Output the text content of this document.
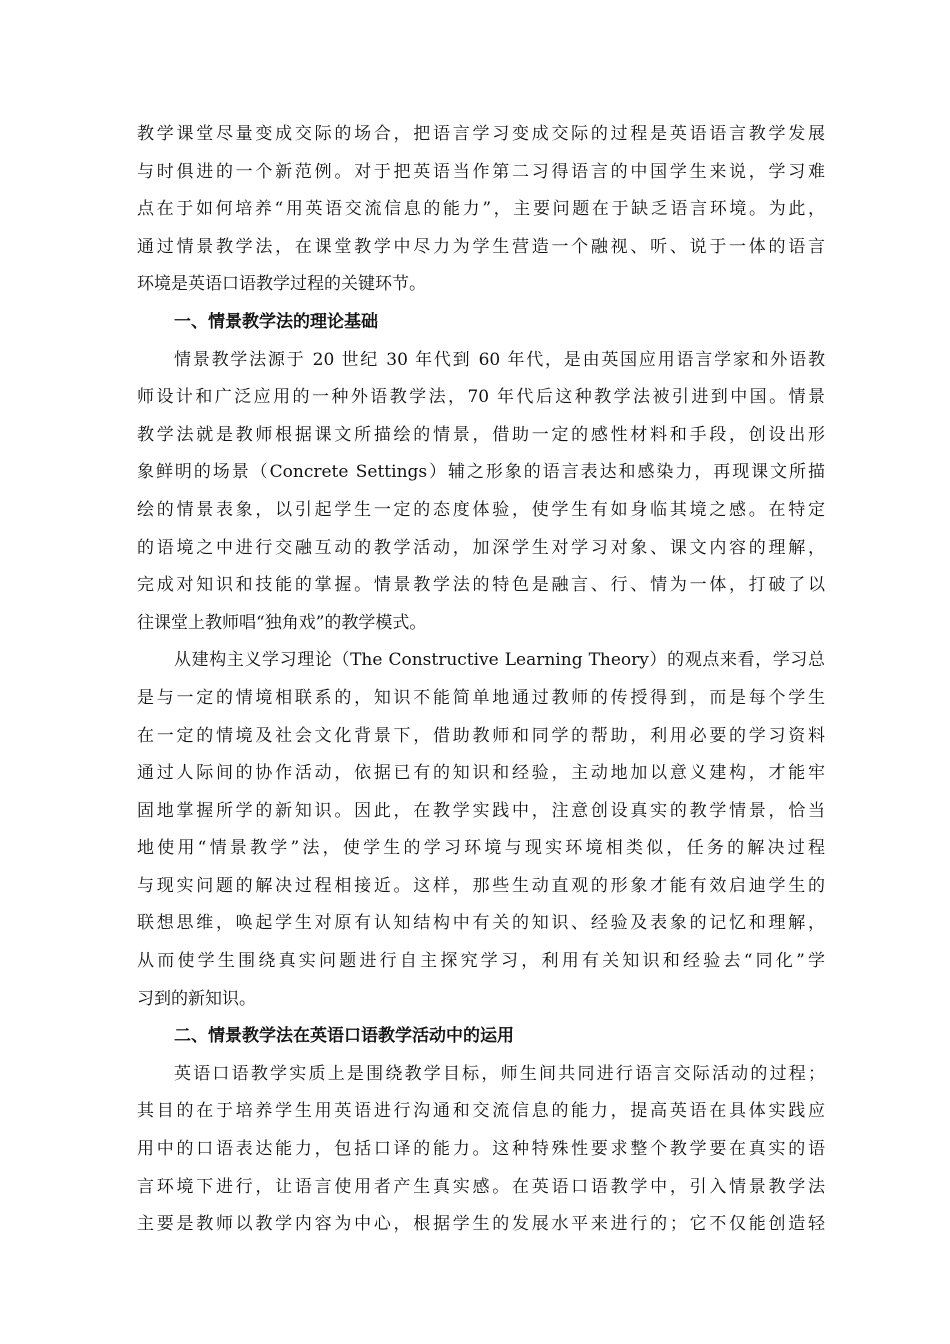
教学课堂尽量变成交际的场合，把语言学习变成交际的过程是英语语言教学发展
与时俱进的一个新范例。对于把英语当作第二习得语言的中国学生来说，学习难
点在于如何培养“用英语交流信息的能力”，主要问题在于缺乏语言环境。为此，
通过情景教学法，在课堂教学中尽力为学生营造一个融视、听、说于一体的语言
环境是英语口语教学过程的关键环节。
一、情景教学法的理论基础
情景教学法源于 20 世纪 30 年代到 60 年代，是由英国应用语言学家和外语教
师设计和广泛应用的一种外语教学法，70 年代后这种教学法被引进到中国。情景
教学法就是教师根据课文所描绘的情景，借助一定的感性材料和手段，创设出形
象鲜明的场景（Concrete Settings）辅之形象的语言表达和感染力，再现课文所描
绘的情景表象，以引起学生一定的态度体验，使学生有如身临其境之感。在特定
的语境之中进行交融互动的教学活动，加深学生对学习对象、课文内容的理解，
完成对知识和技能的掌握。情景教学法的特色是融言、行、情为一体，打破了以
往课堂上教师唱“独角戏”的教学模式。
从建构主义学习理论（The Constructive Learning Theory）的观点来看，学习总
是与一定的情境相联系的，知识不能简单地通过教师的传授得到，而是每个学生
在一定的情境及社会文化背景下，借助教师和同学的帮助，利用必要的学习资料
通过人际间的协作活动，依据已有的知识和经验，主动地加以意义建构，才能牢
固地掌握所学的新知识。因此，在教学实践中，注意创设真实的教学情景，恰当
地使用“情景教学”法，使学生的学习环境与现实环境相类似，任务的解决过程
与现实问题的解决过程相接近。这样，那些生动直观的形象才能有效启迪学生的
联想思维，唤起学生对原有认知结构中有关的知识、经验及表象的记忆和理解，
从而使学生围绕真实问题进行自主探究学习，利用有关知识和经验去“同化”学
习到的新知识。
二、情景教学法在英语口语教学活动中的运用
英语口语教学实质上是围绕教学目标，师生间共同进行语言交际活动的过程；
其目的在于培养学生用英语进行沟通和交流信息的能力，提高英语在具体实践应
用中的口语表达能力，包括口译的能力。这种特殊性要求整个教学要在真实的语
言环境下进行，让语言使用者产生真实感。在英语口语教学中，引入情景教学法
主要是教师以教学内容为中心，根据学生的发展水平来进行的；它不仅能创造轻
